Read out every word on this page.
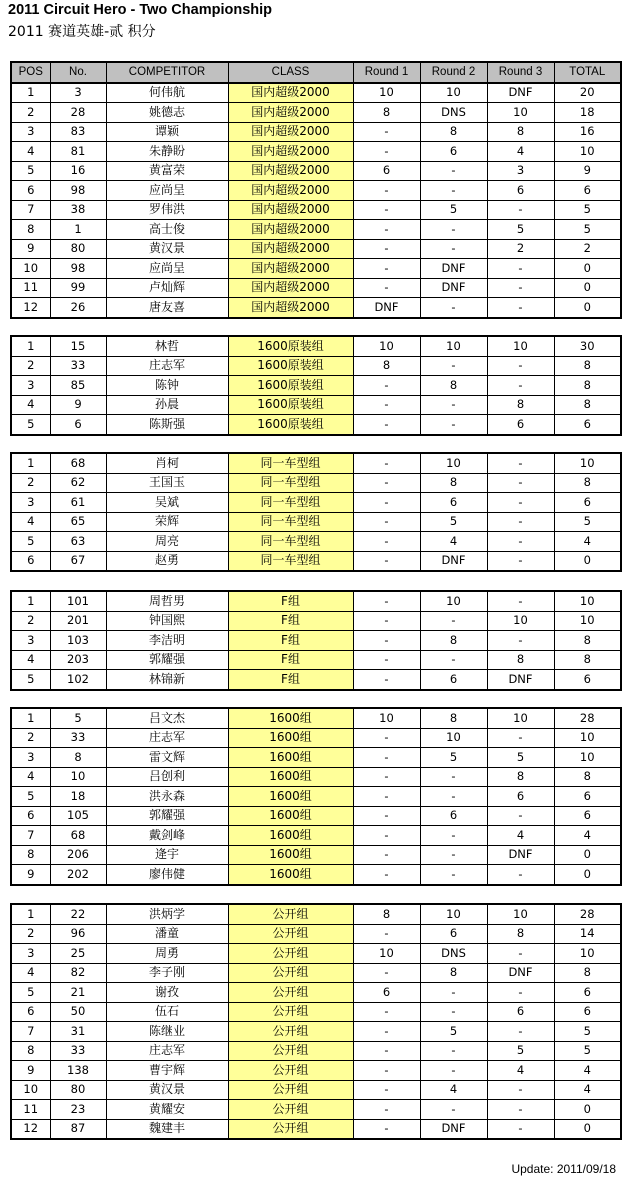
2011 Circuit Hero - Two Championship
2011 赛道英雄-贰 积分
POS	No.	COMPETITOR	CLASS	Round 1	Round 2	Round 3	TOTAL
1	3	何伟航	国内超级2000	10	10	DNF	20
2	28	姚德志	国内超级2000	8	DNS	10	18
3	83	谭颖	国内超级2000	-	8	8	16
4	81	朱静盼	国内超级2000	-	6	4	10
5	16	黄富荣	国内超级2000	6	-	3	9
6	98	应尚呈	国内超级2000	-	-	6	6
7	38	罗伟洪	国内超级2000	-	5	-	5
8	1	高士俊	国内超级2000	-	-	5	5
9	80	黄汉景	国内超级2000	-	-	2	2
10	98	应尚呈	国内超级2000	-	DNF	-	0
11	99	卢灿辉	国内超级2000	-	DNF	-	0
12	26	唐友喜	国内超级2000	DNF	-	-	0
1	15	林哲	1600原装组	10	10	10	30
2	33	庄志军	1600原装组	8	-	-	8
3	85	陈钟	1600原装组	-	8	-	8
4	9	孙晨	1600原装组	-	-	8	8
5	6	陈斯强	1600原装组	-	-	6	6
1	68	肖柯	同一车型组	-	10	-	10
2	62	王国玉	同一车型组	-	8	-	8
3	61	吴斌	同一车型组	-	6	-	6
4	65	荣辉	同一车型组	-	5	-	5
5	63	周亮	同一车型组	-	4	-	4
6	67	赵勇	同一车型组	-	DNF	-	0
1	101	周哲男	F组	-	10	-	10
2	201	钟国熙	F组	-	-	10	10
3	103	李洁明	F组	-	8	-	8
4	203	郭耀强	F组	-	-	8	8
5	102	林锦新	F组	-	6	DNF	6
1	5	吕文杰	1600组	10	8	10	28
2	33	庄志军	1600组	-	10	-	10
3	8	雷文辉	1600组	-	5	5	10
4	10	吕创利	1600组	-	-	8	8
5	18	洪永森	1600组	-	-	6	6
6	105	郭耀强	1600组	-	6	-	6
7	68	戴剑峰	1600组	-	-	4	4
8	206	逄宇	1600组	-	-	DNF	0
9	202	廖伟健	1600组	-	-	-	0
1	22	洪炳学	公开组	8	10	10	28
2	96	潘童	公开组	-	6	8	14
3	25	周勇	公开组	10	DNS	-	10
4	82	李子刚	公开组	-	8	DNF	8
5	21	谢孜	公开组	6	-	-	6
6	50	伍石	公开组	-	-	6	6
7	31	陈继业	公开组	-	5	-	5
8	33	庄志军	公开组	-	-	5	5
9	138	曹宇辉	公开组	-	-	4	4
10	80	黄汉景	公开组	-	4	-	4
11	23	黄耀安	公开组	-	-	-	0
12	87	魏建丰	公开组	-	DNF	-	0
Update: 2011/09/18
